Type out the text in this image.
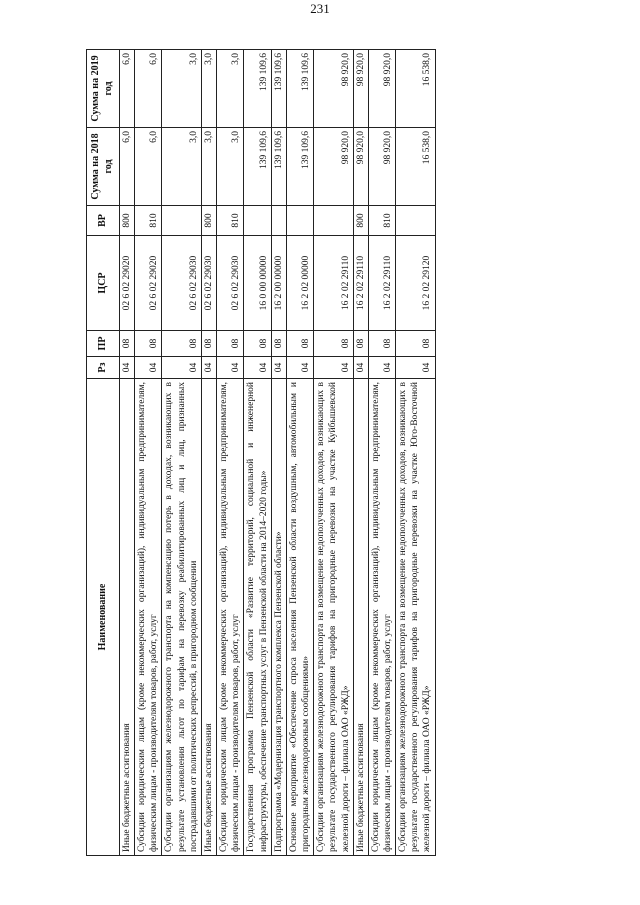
231
Наименование	Рз	ПР	ЦСР	ВР	Сумма на 2018 год	Сумма на 2019 год
Иные бюджетные ассигнования	04	08	02 6 02 29020	800	6,0	6,0
Субсидии юридическим лицам (кроме некоммерческих организаций), индивидуальным предпринимателям, физическим лицам - производителям товаров, работ, услуг	04	08	02 6 02 29020	810	6,0	6,0
Субсидии организациям железнодорожного транспорта на компенсацию потерь в доходах, возникающих в результате установления льгот по тарифам на перевозку реабилитированных лиц и лиц, признанных пострадавшими от политических репрессий, в пригородном сообщении	04	08	02 6 02 29030		3,0	3,0
Иные бюджетные ассигнования	04	08	02 6 02 29030	800	3,0	3,0
Субсидии юридическим лицам (кроме некоммерческих организаций), индивидуальным предпринимателям, физическим лицам - производителям товаров, работ, услуг	04	08	02 6 02 29030	810	3,0	3,0
Государственная программа Пензенской области «Развитие территорий, социальной и инженерной инфраструктуры, обеспечение транспортных услуг в Пензенской области на 2014–2020 годы»	04	08	16 0 00 00000		139 109,6	139 109,6
Подпрограмма «Модернизация транспортного комплекса Пензенской области»	04	08	16 2 00 00000		139 109,6	139 109,6
Основное мероприятие «Обеспечение спроса населения Пензенской области воздушным, автомобильным и пригородным железнодорожным сообщениями»	04	08	16 2 02 00000		139 109,6	139 109,6
Субсидии организациям железнодорожного транспорта на возмещение недополученных доходов, возникающих в результате государственного регулирования тарифов на пригородные перевозки на участке Куйбышевской железной дороги – филиала ОАО «РЖД»	04	08	16 2 02 29110		98 920,0	98 920,0
Иные бюджетные ассигнования	04	08	16 2 02 29110	800	98 920,0	98 920,0
Субсидии юридическим лицам (кроме некоммерческих организаций), индивидуальным предпринимателям, физическим лицам - производителям товаров, работ, услуг	04	08	16 2 02 29110	810	98 920,0	98 920,0
Субсидии организациям железнодорожного транспорта на возмещение недополученных доходов, возникающих в результате государственного регулирования тарифов на пригородные перевозки на участке Юго-Восточной железной дороги – филиала ОАО «РЖД»	04	08	16 2 02 29120		16 538,0	16 538,0
